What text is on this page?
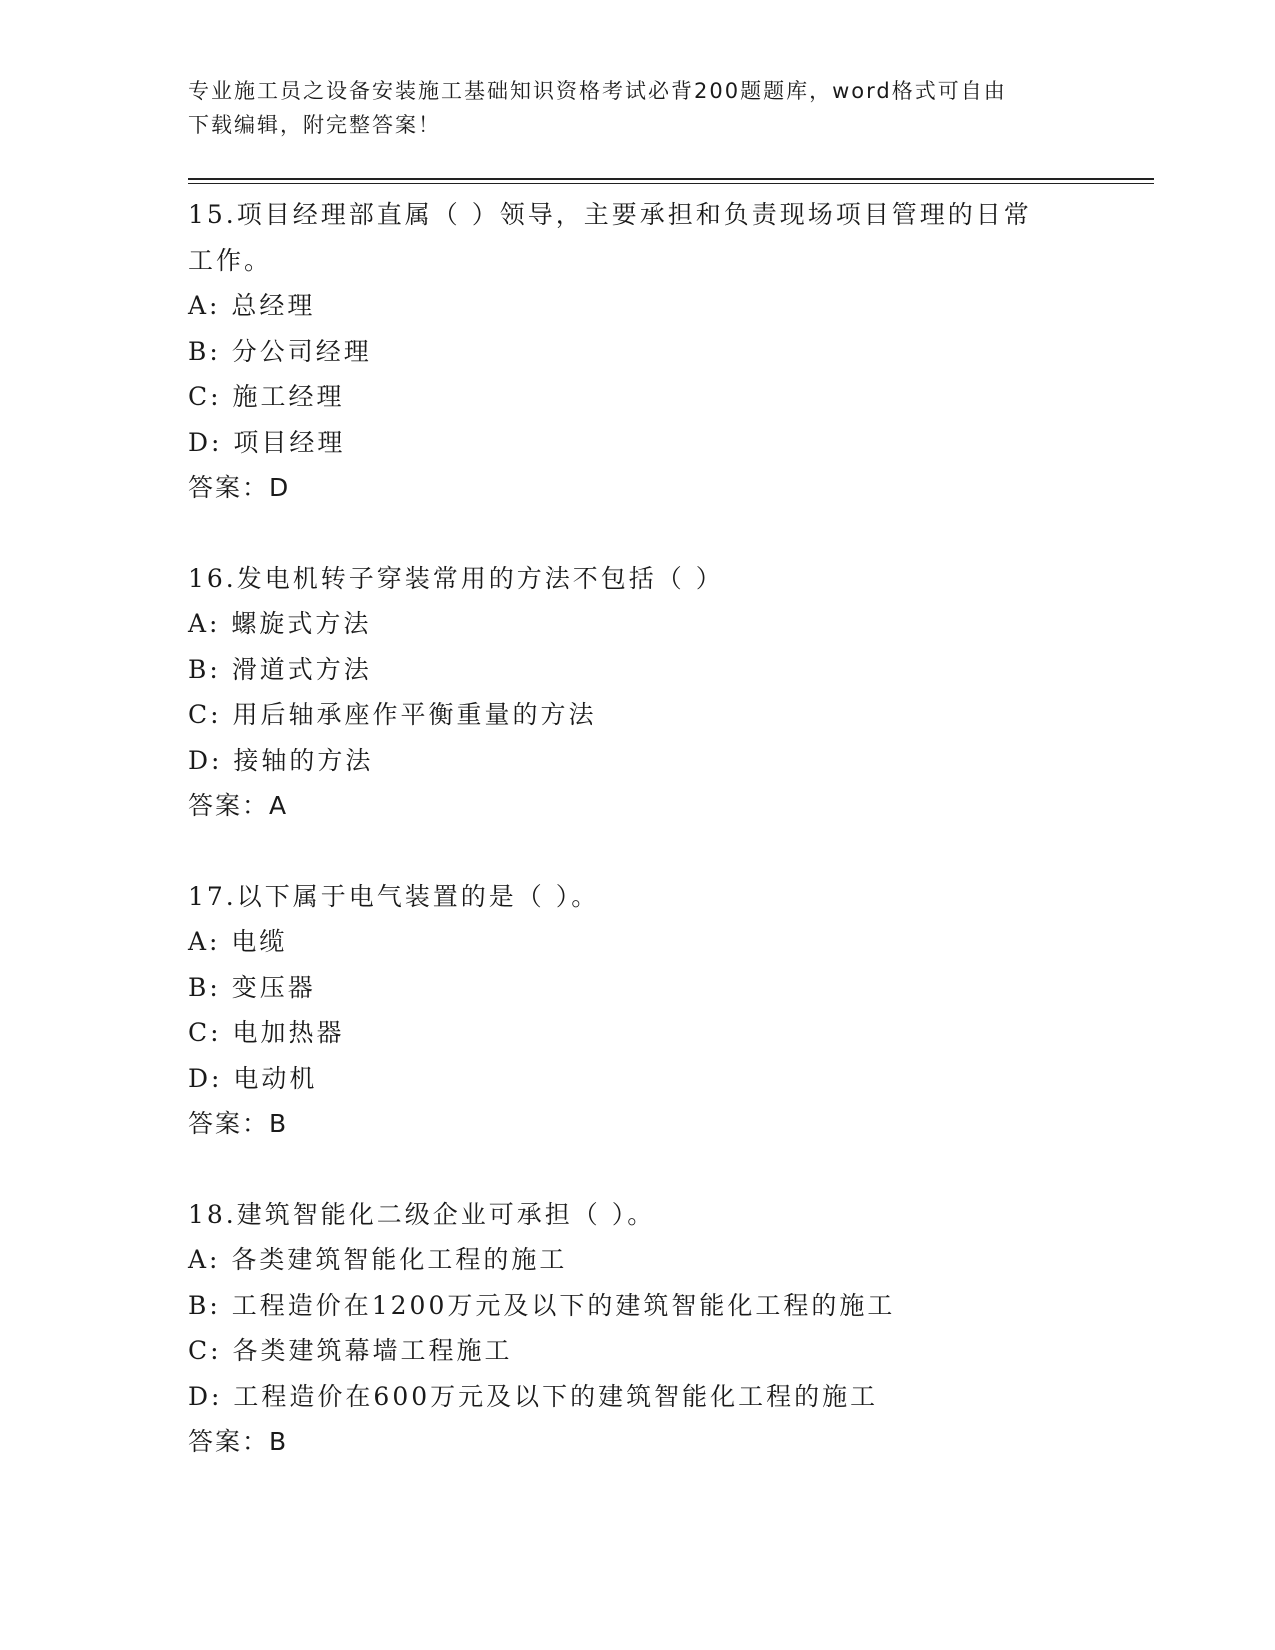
专业施工员之设备安装施工基础知识资格考试必背200题题库，word格式可自由
下载编辑，附完整答案！
15.项目经理部直属（ ）领导，主要承担和负责现场项目管理的日常
工作。
A: 总经理
B: 分公司经理
C: 施工经理
D: 项目经理
答案：D
16.发电机转子穿装常用的方法不包括（ ）
A: 螺旋式方法
B: 滑道式方法
C: 用后轴承座作平衡重量的方法
D: 接轴的方法
答案：A
17.以下属于电气装置的是（ ）。
A: 电缆
B: 变压器
C: 电加热器
D: 电动机
答案：B
18.建筑智能化二级企业可承担（ ）。
A: 各类建筑智能化工程的施工
B: 工程造价在1200万元及以下的建筑智能化工程的施工
C: 各类建筑幕墙工程施工
D: 工程造价在600万元及以下的建筑智能化工程的施工
答案：B
